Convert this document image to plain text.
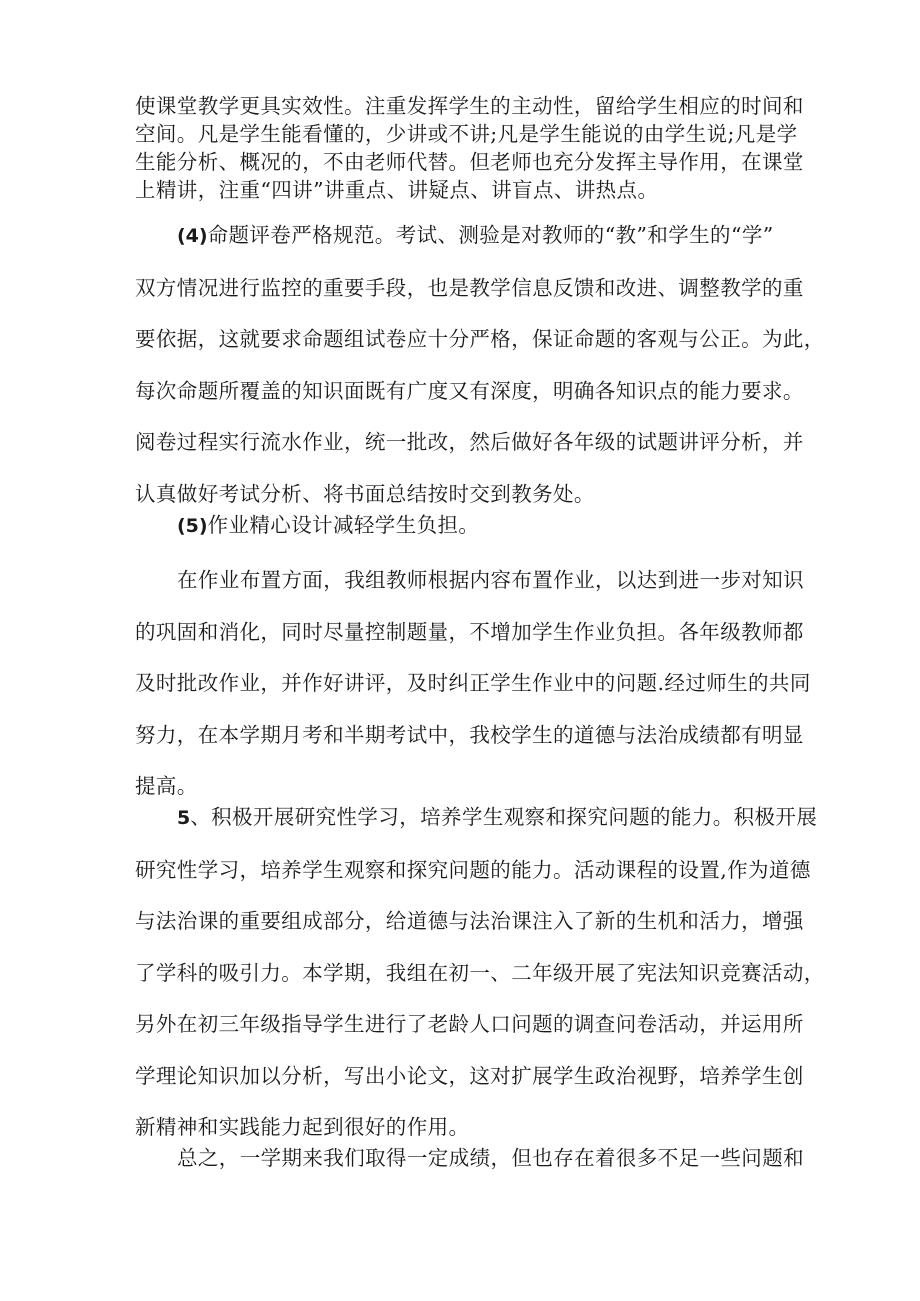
使课堂教学更具实效性。注重发挥学生的主动性，留给学生相应的时间和
空间。凡是学生能看懂的，少讲或不讲;凡是学生能说的由学生说;凡是学
生能分析、概况的，不由老师代替。但老师也充分发挥主导作用，在课堂
上精讲，注重“四讲”讲重点、讲疑点、讲盲点、讲热点。

(4)命题评卷严格规范。考试、测验是对教师的“教”和学生的“学”
双方情况进行监控的重要手段，也是教学信息反馈和改进、调整教学的重
要依据，这就要求命题组试卷应十分严格，保证命题的客观与公正。为此，
每次命题所覆盖的知识面既有广度又有深度，明确各知识点的能力要求。
阅卷过程实行流水作业，统一批改，然后做好各年级的试题讲评分析，并
认真做好考试分析、将书面总结按时交到教务处。

(5)作业精心设计减轻学生负担。

在作业布置方面，我组教师根据内容布置作业，以达到进一步对知识
的巩固和消化，同时尽量控制题量，不增加学生作业负担。各年级教师都
及时批改作业，并作好讲评，及时纠正学生作业中的问题.经过师生的共同
努力，在本学期月考和半期考试中，我校学生的道德与法治成绩都有明显
提高。

5、积极开展研究性学习，培养学生观察和探究问题的能力。积极开展
研究性学习，培养学生观察和探究问题的能力。活动课程的设置,作为道德
与法治课的重要组成部分，给道德与法治课注入了新的生机和活力，增强
了学科的吸引力。本学期，我组在初一、二年级开展了宪法知识竞赛活动，
另外在初三年级指导学生进行了老龄人口问题的调查问卷活动，并运用所
学理论知识加以分析，写出小论文，这对扩展学生政治视野，培养学生创
新精神和实践能力起到很好的作用。

总之，一学期来我们取得一定成绩，但也存在着很多不足一些问题和
